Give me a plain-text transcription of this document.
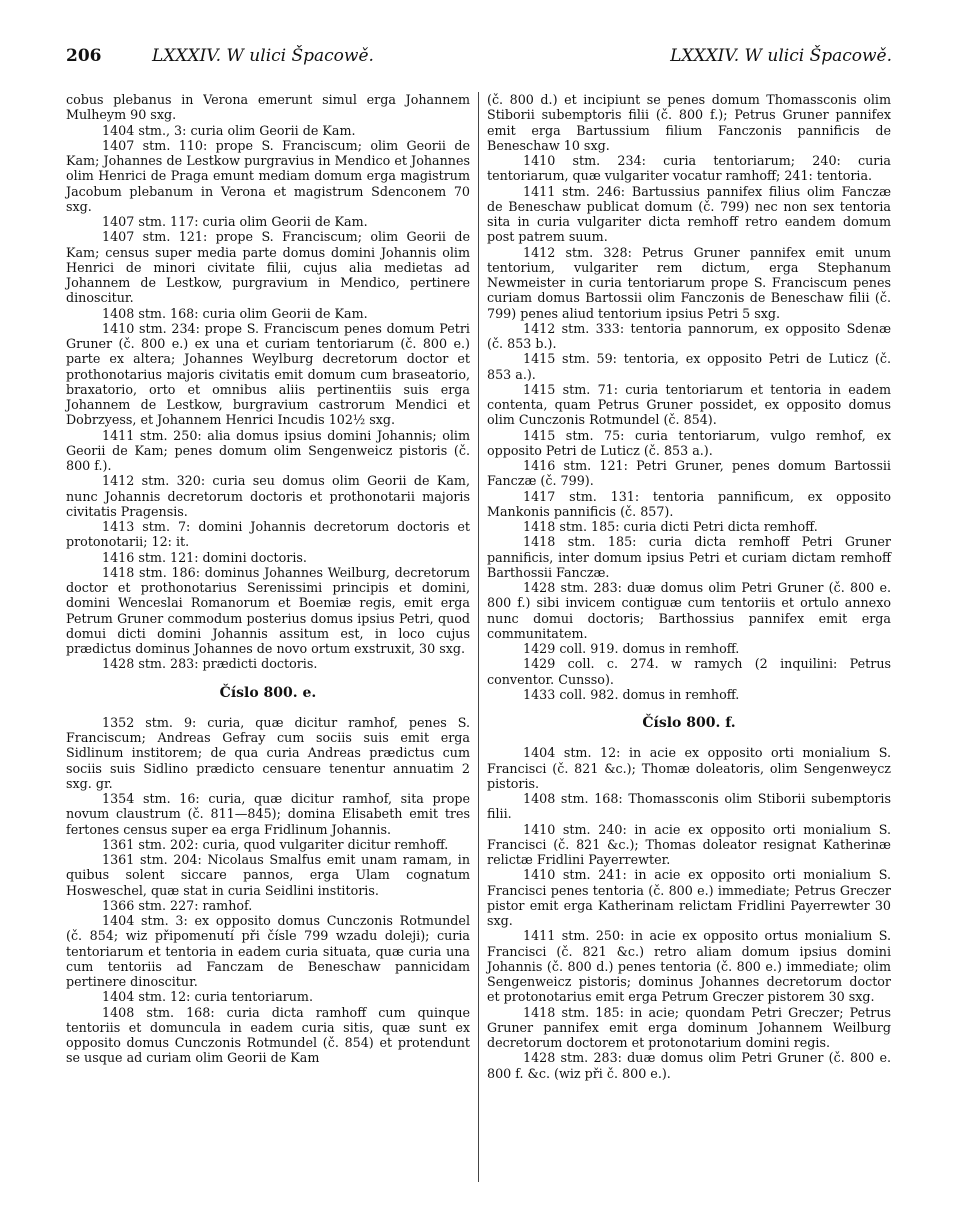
206	LXXXIV. W ulici Špacowě.	LXXXIV. W ulici Špacowě.

cobus plebanus in Verona emerunt simul erga Johannem Mulheym 90 sxg.

1404 stm., 3: curia olim Georii de Kam.

1407 stm. 110: prope S. Franciscum; olim Georii de Kam; Johannes de Lestkow purgravius in Mendico et Johannes olim Henrici de Praga emunt mediam domum erga magistrum Jacobum plebanum in Verona et magistrum Sdenconem 70 sxg.

1407 stm. 117: curia olim Georii de Kam.

1407 stm. 121: prope S. Franciscum; olim Georii de Kam; census super media parte domus domini Johannis olim Henrici de minori civitate filii, cujus alia medietas ad Johannem de Lestkow, purgravium in Mendico, pertinere dinoscitur.

1408 stm. 168: curia olim Georii de Kam.

1410 stm. 234: prope S. Franciscum penes domum Petri Gruner (č. 800 e.) ex una et curiam tentoriarum (č. 800 e.) parte ex altera; Johannes Weylburg decretorum doctor et prothonotarius majoris civitatis emit domum cum braseatorio, braxatorio, orto et omnibus aliis pertinentiis suis erga Johannem de Lestkow, burgravium castrorum Mendici et Dobrzyess, et Johannem Henrici Incudis 102½ sxg.

1411 stm. 250: alia domus ipsius domini Johannis; olim Georii de Kam; penes domum olim Sengenweicz pistoris (č. 800 f.).

1412 stm. 320: curia seu domus olim Georii de Kam, nunc Johannis decretorum doctoris et prothonotarii majoris civitatis Pragensis.

1413 stm. 7: domini Johannis decretorum doctoris et protonotarii; 12: it.

1416 stm. 121: domini doctoris.

1418 stm. 186: dominus Johannes Weilburg, decretorum doctor et prothonotarius Serenissimi principis et domini, domini Wenceslai Romanorum et Boemiæ regis, emit erga Petrum Gruner commodum posterius domus ipsius Petri, quod domui dicti domini Johannis assitum est, in loco cujus prædictus dominus Johannes de novo ortum exstruxit, 30 sxg.

1428 stm. 283: prædicti doctoris.

Číslo 800. e.

1352 stm. 9: curia, quæ dicitur ramhof, penes S. Franciscum; Andreas Gefray cum sociis suis emit erga Sidlinum institorem; de qua curia Andreas prædictus cum sociis suis Sidlino prædicto censuare tenentur annuatim 2 sxg. gr.

1354 stm. 16: curia, quæ dicitur ramhof, sita prope novum claustrum (č. 811—845); domina Elisabeth emit tres fertones census super ea erga Fridlinum Johannis.

1361 stm. 202: curia, quod vulgariter dicitur remhoff.

1361 stm. 204: Nicolaus Smalfus emit unam ramam, in quibus solent siccare pannos, erga Ulam cognatum Hosweschel, quæ stat in curia Seidlini institoris.

1366 stm. 227: ramhof.

1404 stm. 3: ex opposito domus Cunczonis Rotmundel (č. 854; wiz připomenutí při čísle 799 wzadu doleji); curia tentoriarum et tentoria in eadem curia situata, quæ curia una cum tentoriis ad Fanczam de Beneschaw pannicidam pertinere dinoscitur.

1404 stm. 12: curia tentoriarum.

1408 stm. 168: curia dicta ramhoff cum quinque tentoriis et domuncula in eadem curia sitis, quæ sunt ex opposito domus Cunczonis Rotmundel (č. 854) et protendunt se usque ad curiam olim Georii de Kam

(č. 800 d.) et incipiunt se penes domum Thomassconis olim Stiborii subemptoris filii (č. 800 f.); Petrus Gruner pannifex emit erga Bartussium filium Fanczonis pannificis de Beneschaw 10 sxg.

1410 stm. 234: curia tentoriarum; 240: curia tentoriarum, quæ vulgariter vocatur ramhoff; 241: tentoria.

1411 stm. 246: Bartussius pannifex filius olim Fanczæ de Beneschaw publicat domum (č. 799) nec non sex tentoria sita in curia vulgariter dicta remhoff retro eandem domum post patrem suum.

1412 stm. 328: Petrus Gruner pannifex emit unum tentorium, vulgariter rem dictum, erga Stephanum Newmeister in curia tentoriarum prope S. Franciscum penes curiam domus Bartossii olim Fanczonis de Beneschaw filii (č. 799) penes aliud tentorium ipsius Petri 5 sxg.

1412 stm. 333: tentoria pannorum, ex opposito Sdenæ (č. 853 b.).

1415 stm. 59: tentoria, ex opposito Petri de Luticz (č. 853 a.).

1415 stm. 71: curia tentoriarum et tentoria in eadem contenta, quam Petrus Gruner possidet, ex opposito domus olim Cunczonis Rotmundel (č. 854).

1415 stm. 75: curia tentoriarum, vulgo remhof, ex opposito Petri de Luticz (č. 853 a.).

1416 stm. 121: Petri Gruner, penes domum Bartossii Fanczæ (č. 799).

1417 stm. 131: tentoria pannificum, ex opposito Mankonis pannificis (č. 857).

1418 stm. 185: curia dicti Petri dicta remhoff.

1418 stm. 185: curia dicta remhoff Petri Gruner pannificis, inter domum ipsius Petri et curiam dictam remhoff Barthossii Fanczæ.

1428 stm. 283: duæ domus olim Petri Gruner (č. 800 e. 800 f.) sibi invicem contiguæ cum tentoriis et ortulo annexo nunc domui doctoris; Barthossius pannifex emit erga communitatem.

1429 coll. 919. domus in remhoff.

1429 coll. c. 274. w ramych (2 inquilini: Petrus conventor. Cunsso).

1433 coll. 982. domus in remhoff.

Číslo 800. f.

1404 stm. 12: in acie ex opposito orti monialium S. Francisci (č. 821 &c.); Thomæ doleatoris, olim Sengenweycz pistoris.

1408 stm. 168: Thomassconis olim Stiborii subemptoris filii.

1410 stm. 240: in acie ex opposito orti monialium S. Francisci (č. 821 &c.); Thomas doleator resignat Katherinæ relictæ Fridlini Payerrewter.

1410 stm. 241: in acie ex opposito orti monialium S. Francisci penes tentoria (č. 800 e.) immediate; Petrus Greczer pistor emit erga Katherinam relictam Fridlini Payerrewter 30 sxg.

1411 stm. 250: in acie ex opposito ortus monialium S. Francisci (č. 821 &c.) retro aliam domum ipsius domini Johannis (č. 800 d.) penes tentoria (č. 800 e.) immediate; olim Sengenweicz pistoris; dominus Johannes decretorum doctor et protonotarius emit erga Petrum Greczer pistorem 30 sxg.

1418 stm. 185: in acie; quondam Petri Greczer; Petrus Gruner pannifex emit erga dominum Johannem Weilburg decretorum doctorem et protonotarium domini regis.

1428 stm. 283: duæ domus olim Petri Gruner (č. 800 e. 800 f. &c. (wiz při č. 800 e.).
